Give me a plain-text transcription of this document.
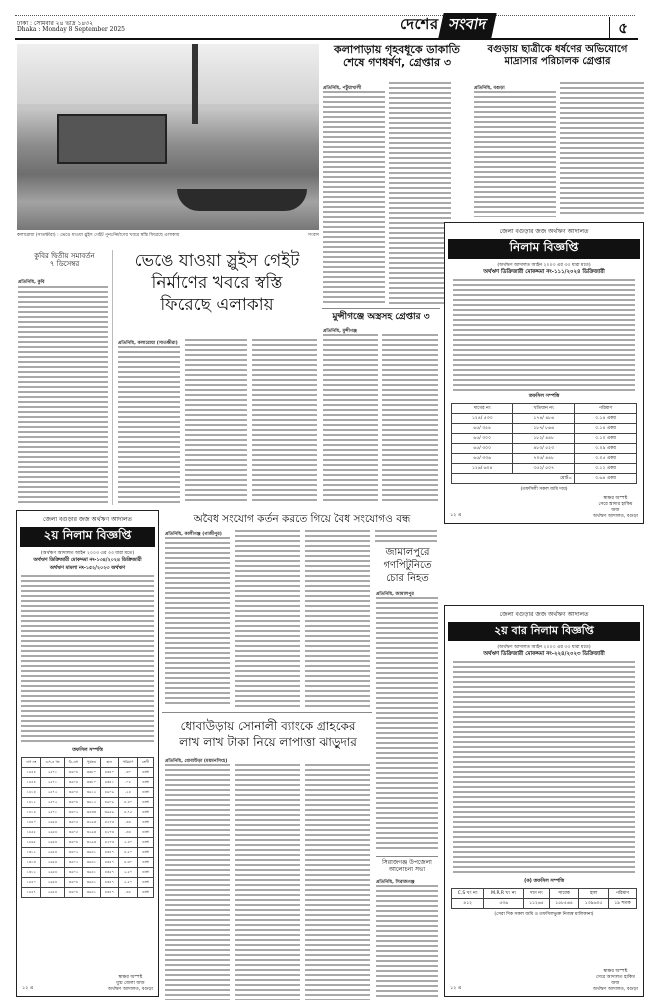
ঢাকা : সোমবার ২৪ ভাদ্র ১৪৩২
Dhaka : Monday 8 September 2025	দেশের সংবাদ	৫
কলারোয়া (সাতক্ষীরা) : ভেঙে যাওয়া স্লুইস গেইট পুনঃনির্মাণের খবরে স্বস্তি ফিরেছে এলাকায়	সংবাদ
কলাপাড়ায় গৃহবধূকে ডাকাতি
শেষে গণধর্ষণ, গ্রেপ্তার ৩
প্রতিনিধি, পটুয়াখালী
বগুড়ায় ছাত্রীকে ধর্ষণের অভিযোগে
মাদ্রাসার পরিচালক গ্রেপ্তার
প্রতিনিধি, বগুড়া
কুবির দ্বিতীয় সমাবর্তন
৭ ডিসেম্বর
প্রতিনিধি, কুবি
ভেঙে যাওয়া স্লুইস গেইট
নির্মাণের খবরে স্বস্তি
ফিরেছে এলাকায়
প্রতিনিধি, কলারোয়া (সাতক্ষীরা)
মুন্সীগঞ্জে অস্ত্রসহ গ্রেপ্তার ৩
প্রতিনিধি, মুন্সীগঞ্জ
জেলা বগুড়ার জজ অর্থঋণ আদালত
নিলাম বিজ্ঞপ্তি
(অর্থঋণ আদালত আইন ২০০৩ এর ৩৩ ধারা মতে)
অর্থঋণ ডিক্রিজারী মোকদ্দমা নং-১১১/২০২৪ ডিক্রিজারী
তফসিল সম্পত্তি
দাগের নং	খতিয়ান নং	পরিমাণ
১২৪/ ৫৩৩	১৭৪/ ৪৮৬	০.১৪ একর
৬৫/ ৩৫৪	১৮৭/ ৮৬৬	০.১৪ একর
৬৫/ ৩০০	১৮২/ ৪৪৮	০.১০ একর
৬৫/ ৩০০	৪৮০/ ৫২৩	০.০৯ একর
৬৫/ ৩৩৬	৭০৫/ ৪৪৮	০.০৫ একর
১২৬/ ৬০৪	৩৫২/ ৫০৭	০.১২ একর
মোট=		০.৬৪ একর
(তফসিলী সকল জমি দায়)
১২ এ
স্বাক্ষর অস্পষ্ট
সেরে স্তাদার হাকিম
জজ
অর্থঋণ আদালত, বগুড়া
জেলা বগুড়ার জজ অর্থঋণ আদালত
২য় নিলাম বিজ্ঞপ্তি
(অর্থঋণ আদালত আইন ২০০৩ এর ৩৩ ধারা মতে)
অর্থঋণ ডিক্রিজারী মোকদ্দমা নং-১৩৪/২০২৪ ডিক্রিজারী
অর্থঋণ মামলা নং-১৫২/২০২৩ অর্থঋণ
তফসিল সম্পত্তি
দাগ নং	এস.এ খং	বি.এস	পূর্বতন	হাল	পরিমাণ	শ্রেণী
১৪৫৪	২৫৭১	৩৬০৪	৩৩৮০	৪৩৪০	.৩০	ডাঙ্গা
১৪৫৪	২৫৭১	৩৬০৪	৩৩৮০	৪৩৪১	.০৫	ডাঙ্গা
১৪১৪	২৫৭২	৩৬০৪	৩৬১২	৪৬০৯	.২৪	ডাঙ্গা
১৪১২	২৫৭২	৩৬০৪	৩৬১২	৪৬০৯	৪.৪০	ডাঙ্গা
১৪১৪	২৫৭১	৩৬০২	৩৫৩৩	৩৬৫৯	৪.৭৫	ডাঙ্গা
১৪৪০	২৬৫৪	৩৬০৫	৩২৯৩	৪২৭৩	.৩৪	ডাঙ্গা
১৪৫৫	২৬৫৪	৩৬০৫	৩২৯৩	৪২৭৩	.৩৪	ডাঙ্গা
১৪৬৫	২৬৫৪	৩৬০৪	৩২৯৩	৪২৭৩	২.৪০	ডাঙ্গা
১৩১২	২৬৫৪	৩৬০২	৩৬৪১	৪৩৫৭	৪.৫০	ডাঙ্গা
১৩১৩	২৬৫৪	৩৬০২	৩৬৪১	৪৩৫৭	৪.৩০	ডাঙ্গা
১৩১২	২৬৫৪	৩৬০২	৩৬৪১	৪৩৫৭	২.৫০	ডাঙ্গা
১৪৫০	২৬৫৪	৩৬০৪	৩৬৪১	৪৩৫৭	২.৫০	ডাঙ্গা
১৪৫৭	২৬৫৪	৩৬০৪	৩৬৪১	৪৩৫৭	.৩৫	ডাঙ্গা
১২ এ
স্বাক্ষর অস্পষ্ট
যুগ্ম জেলা জজ
অর্থঋণ আদালত, বগুড়া
অবৈধ সংযোগ কর্তন করতে গিয়ে বৈধ সংযোগও বন্ধ
প্রতিনিধি, কালীগঞ্জ (গাজীপুর)
জামালপুরে
গণপিটুনিতে
চোর নিহত
প্রতিনিধি, জামালপুর
ধোবাউড়ায় সোনালী ব্যাংকে গ্রাহকের
লাখ লাখ টাকা নিয়ে লাপাত্তা ঝাড়ুদার
প্রতিনিধি, ধোবাউড়া (ময়মনসিংহ)
সিরাজগঞ্জ উপজেলা
আলোচনা সভা
প্রতিনিধি, সিরাজগঞ্জ
জেলা বগুড়ার জজ অর্থঋণ আদালত
২য় বার নিলাম বিজ্ঞপ্তি
(অর্থঋণ আদালত আইন ২০০৩ এর ৩৩ ধারা মতে)
অর্থঋণ ডিক্রিজারী মোকদ্দমা নং-২২৪/২০২৩ ডিক্রিজারী
(ক) তফসিল সম্পত্তি
C.S খং নং	M.R.R খং নং	দাগ নং	সাবেক	হাল	পরিমাণ
৪১২	৫৩৬	১১২৬৫	১৫৮৫৬৪	১৩৯৬০৫	১৯ শতক
(সেরা দিক সকল জমি ও তফসিলভুক্ত নিজস্ব মালিকানা)
১২ এ
স্বাক্ষর অস্পষ্ট
সেরে আদালত হাকিম
জজ
অর্থঋণ আদালত, বগুড়া
